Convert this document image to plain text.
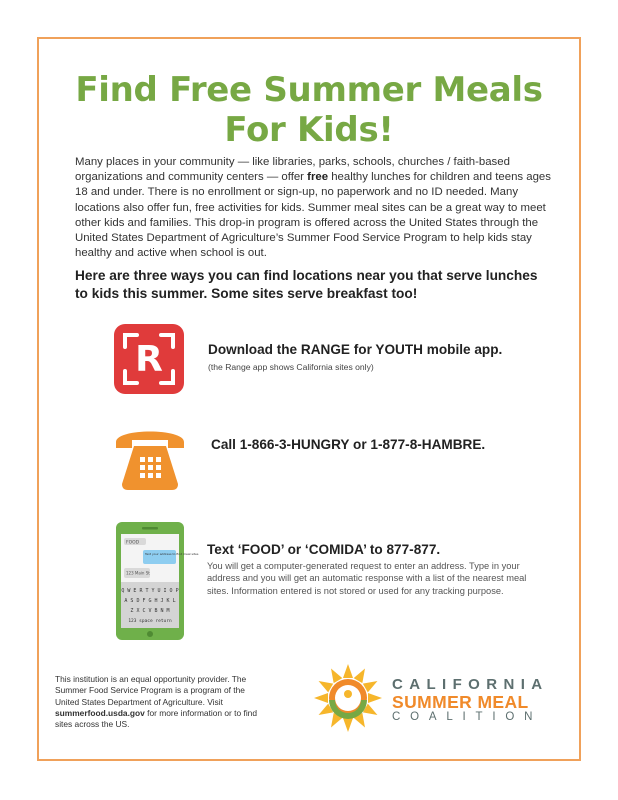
Find Free Summer Meals
For Kids!
Many places in your community — like libraries, parks, schools, churches / faith-based organizations and community centers — offer free healthy lunches for children and teens ages 18 and under. There is no enrollment or sign-up, no paperwork and no ID needed. Many locations also offer fun, free activities for kids. Summer meal sites can be a great way to meet other kids and families. This drop-in program is offered across the United States through the United States Department of Agriculture’s Summer Food Service Program to help kids stay healthy and active when school is out.
Here are three ways you can find locations near you that serve lunches to kids this summer. Some sites serve breakfast too!
R	Download the RANGE for YOUTH mobile app.
(the Range app shows California sites only)
Call 1-866-3-HUNGRY or 1-877-8-HAMBRE.
FOOD
Text your address to find meal sites
123 Main St
Q W E R T Y U I O P
A S D F G H J K L
Z X C V B N M
123 space return
Text ‘FOOD’ or ‘COMIDA’ to 877-877.
You will get a computer-generated request to enter an address. Type in your address and you will get an automatic response with a list of the nearest meal sites. Information entered is not stored or used for any tracking purpose.
This institution is an equal opportunity provider. The Summer Food Service Program is a program of the United States Department of Agriculture. Visit summerfood.usda.gov for more information or to find sites across the US.
CALIFORNIA
SUMMER MEAL
COALITION
